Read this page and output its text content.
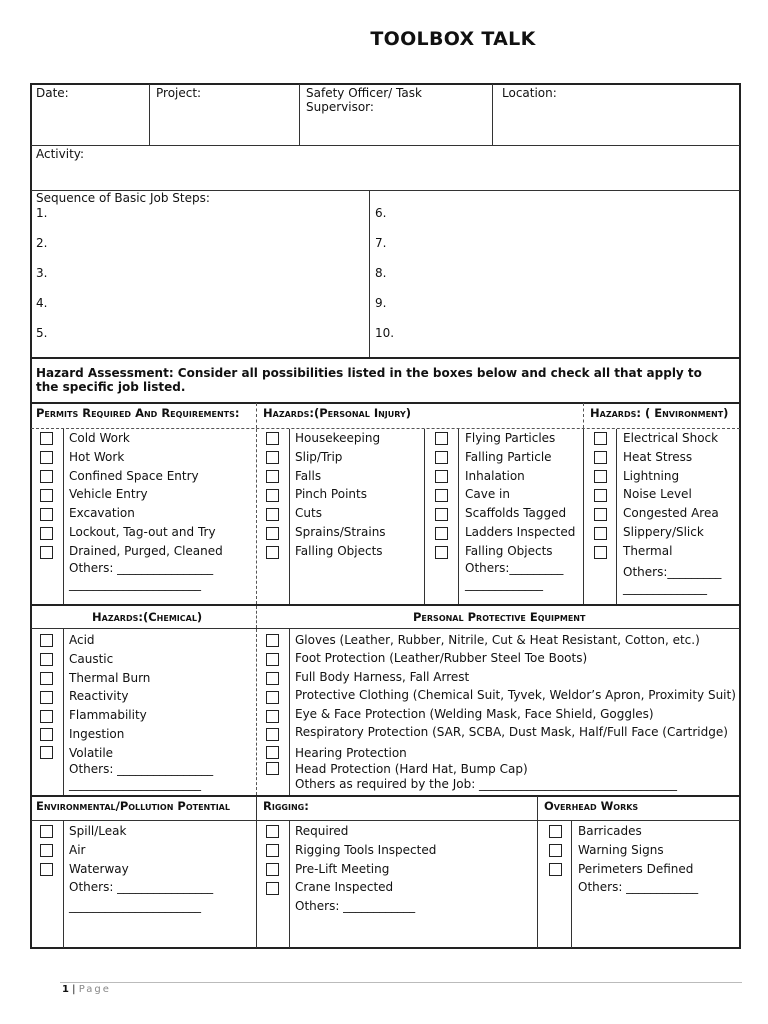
TOOLBOX TALK
Date:	Project:	Safety Officer/ Task Supervisor:
Location:
Activity:
Sequence of Basic Job Steps:
1.
2.
3.
4.
5.
6.
7.
8.
9.
10.
Hazard Assessment: Consider all possibilities listed in the boxes below and check all that apply to the specific job listed.
Permits Required And Requirements: Hazards:(Personal Injury)	Hazards: ( Environment)
Cold Work
Hot Work
Confined Space Entry
Vehicle Entry
Excavation
Lockout, Tag-out and Try
Drained, Purged, Cleaned
Others: ________________
______________________
Housekeeping
Slip/Trip
Falls
Pinch Points
Cuts
Sprains/Strains
Falling Objects
Flying Particles
Falling Particle
Inhalation
Cave in
Scaffolds Tagged
Ladders Inspected
Falling Objects
Others:_________
_____________
Electrical Shock
Heat Stress
Lightning
Noise Level
Congested Area
Slippery/Slick
Thermal
Others:_________
______________
Hazards:(Chemical)	Personal Protective Equipment
Acid
Caustic
Thermal Burn
Reactivity
Flammability
Ingestion
Volatile
Others: ________________
______________________
Gloves (Leather, Rubber, Nitrile, Cut & Heat Resistant, Cotton, etc.)
Foot Protection (Leather/Rubber Steel Toe Boots)
Full Body Harness, Fall Arrest
Protective Clothing (Chemical Suit, Tyvek, Weldor’s Apron, Proximity Suit)
Eye & Face Protection (Welding Mask, Face Shield, Goggles)
Respiratory Protection (SAR, SCBA, Dust Mask, Half/Full Face (Cartridge)
Hearing Protection
Head Protection (Hard Hat, Bump Cap)
Others as required by the Job: _________________________________
Environmental/Pollution Potential	Rigging:	Overhead Works
Spill/Leak
Air
Waterway
Others: ________________
______________________
Required
Rigging Tools Inspected
Pre-Lift Meeting
Crane Inspected
Others: ____________
Barricades
Warning Signs
Perimeters Defined
Others: ____________
1 | Page
